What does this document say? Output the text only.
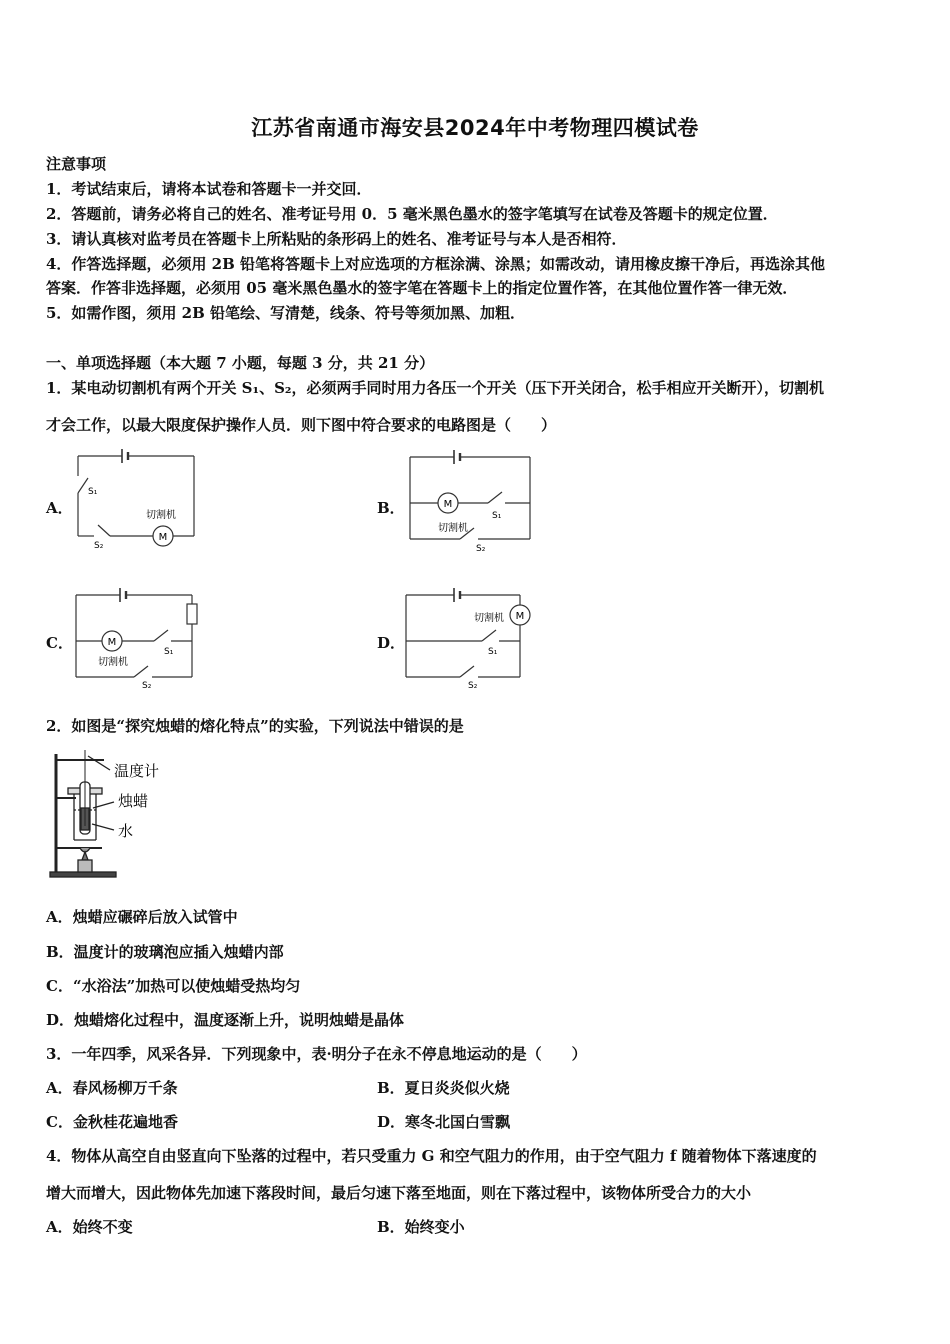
江苏省南通市海安县2024年中考物理四模试卷
注意事项
1．考试结束后，请将本试卷和答题卡一并交回．
2．答题前，请务必将自己的姓名、准考证号用 0．5 毫米黑色墨水的签字笔填写在试卷及答题卡的规定位置．
3．请认真核对监考员在答题卡上所粘贴的条形码上的姓名、准考证号与本人是否相符．
4．作答选择题，必须用 2B 铅笔将答题卡上对应选项的方框涂满、涂黑；如需改动，请用橡皮擦干净后，再选涂其他
答案．作答非选择题，必须用 05 毫米黑色墨水的签字笔在答题卡上的指定位置作答，在其他位置作答一律无效．
5．如需作图，须用 2B 铅笔绘、写清楚，线条、符号等须加黑、加粗．
一、单项选择题（本大题 7 小题，每题 3 分，共 21 分）
1．某电动切割机有两个开关 S₁、S₂，必须两手同时用力各压一个开关（压下开关闭合，松手相应开关断开），切割机
才会工作，以最大限度保护操作人员．则下图中符合要求的电路图是（　　）
A．	B．
C．	D．
M
切割机
S₁
S₂
M
切割机
S₁
S₂
M
切割机
S₁
S₂
M
切割机
S₁
S₂
2．如图是“探究烛蜡的熔化特点”的实验，下列说法中错误的是
温度计
烛蜡
水
A．烛蜡应碾碎后放入试管中
B．温度计的玻璃泡应插入烛蜡内部
C．“水浴法”加热可以使烛蜡受热均匀
D．烛蜡熔化过程中，温度逐渐上升，说明烛蜡是晶体
3．一年四季，风采各异．下列现象中，表·明分子在永不停息地运动的是（　　）
A．春风杨柳万千条	B．夏日炎炎似火烧
C．金秋桂花遍地香	D．寒冬北国白雪飘
4．物体从高空自由竖直向下坠落的过程中，若只受重力 G 和空气阻力的作用，由于空气阻力 f 随着物体下落速度的
增大而增大，因此物体先加速下落段时间，最后匀速下落至地面，则在下落过程中，该物体所受合力的大小
A．始终不变	B．始终变小
